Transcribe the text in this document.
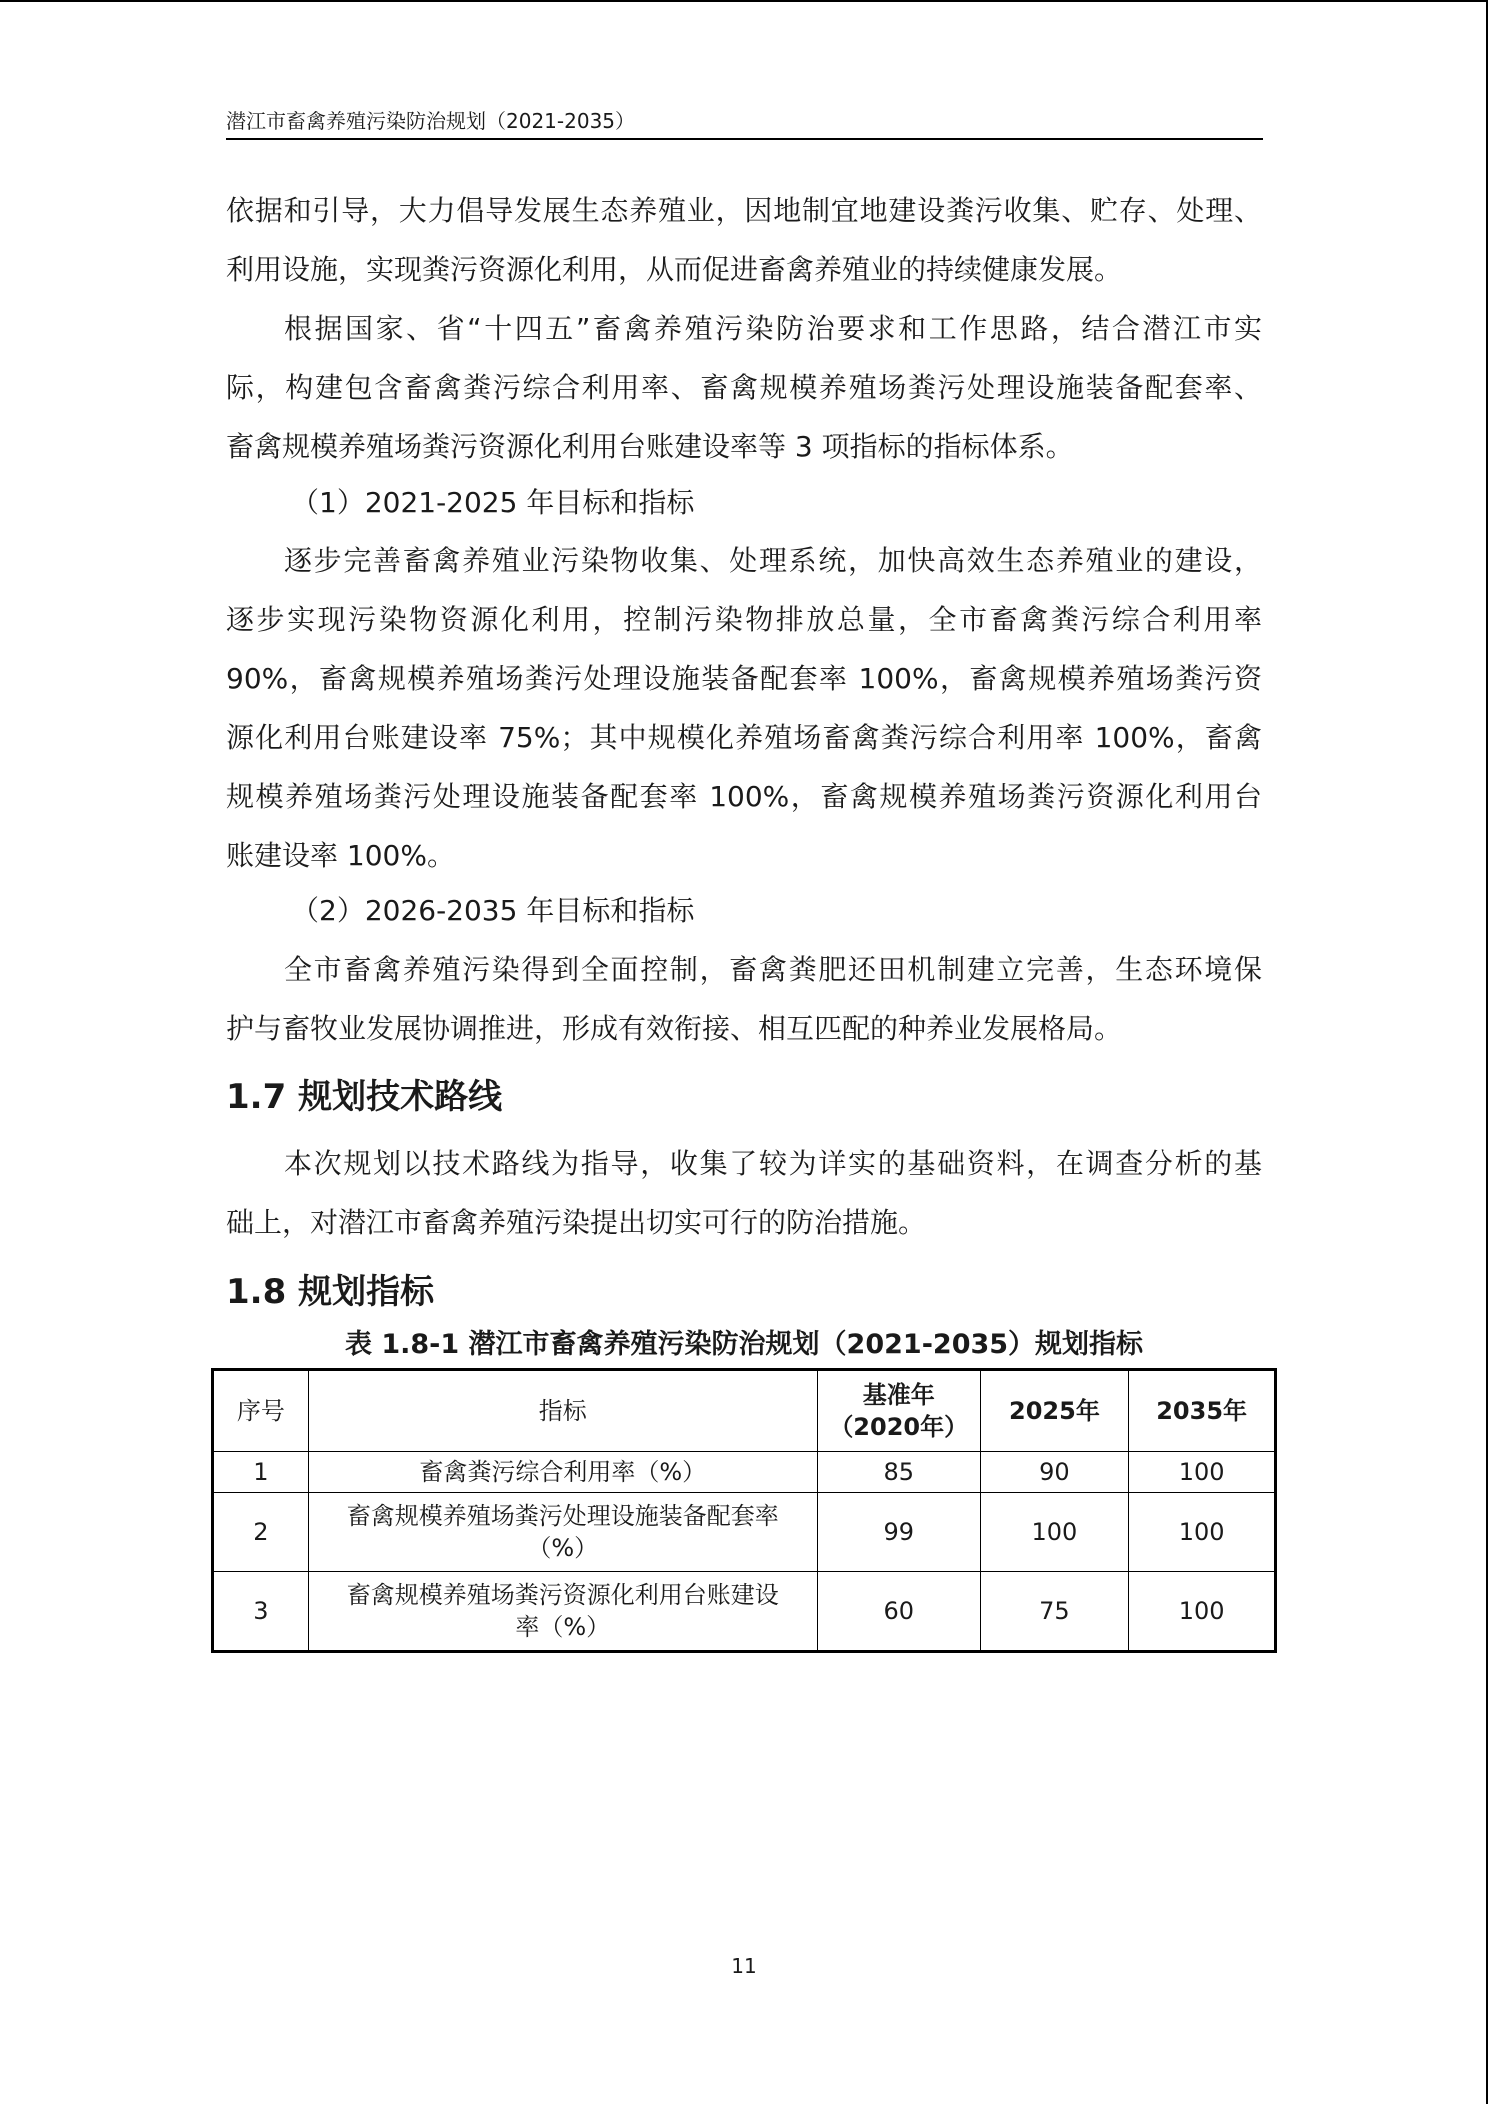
潜江市畜禽养殖污染防治规划（2021-2035）
依据和引导，大力倡导发展生态养殖业，因地制宜地建设粪污收集、贮存、处理、
利用设施，实现粪污资源化利用，从而促进畜禽养殖业的持续健康发展。
根据国家、省“十四五”畜禽养殖污染防治要求和工作思路，结合潜江市实
际，构建包含畜禽粪污综合利用率、畜禽规模养殖场粪污处理设施装备配套率、
畜禽规模养殖场粪污资源化利用台账建设率等 3 项指标的指标体系。
（1）2021-2025 年目标和指标
逐步完善畜禽养殖业污染物收集、处理系统，加快高效生态养殖业的建设，
逐步实现污染物资源化利用，控制污染物排放总量，全市畜禽粪污综合利用率
90%，畜禽规模养殖场粪污处理设施装备配套率 100%，畜禽规模养殖场粪污资
源化利用台账建设率 75%；其中规模化养殖场畜禽粪污综合利用率 100%，畜禽
规模养殖场粪污处理设施装备配套率 100%，畜禽规模养殖场粪污资源化利用台
账建设率 100%。
（2）2026-2035 年目标和指标
全市畜禽养殖污染得到全面控制，畜禽粪肥还田机制建立完善，生态环境保
护与畜牧业发展协调推进，形成有效衔接、相互匹配的种养业发展格局。
1.7 规划技术路线
本次规划以技术路线为指导，收集了较为详实的基础资料，在调查分析的基
础上，对潜江市畜禽养殖污染提出切实可行的防治措施。
1.8 规划指标
表 1.8-1 潜江市畜禽养殖污染防治规划（2021-2035）规划指标
序号	指标	基准年
（2020年）	2025年	2035年
1	畜禽粪污综合利用率（%）	85	90	100
2	畜禽规模养殖场粪污处理设施装备配套率
（%）	99	100	100
3	畜禽规模养殖场粪污资源化利用台账建设
率（%）	60	75	100
11
